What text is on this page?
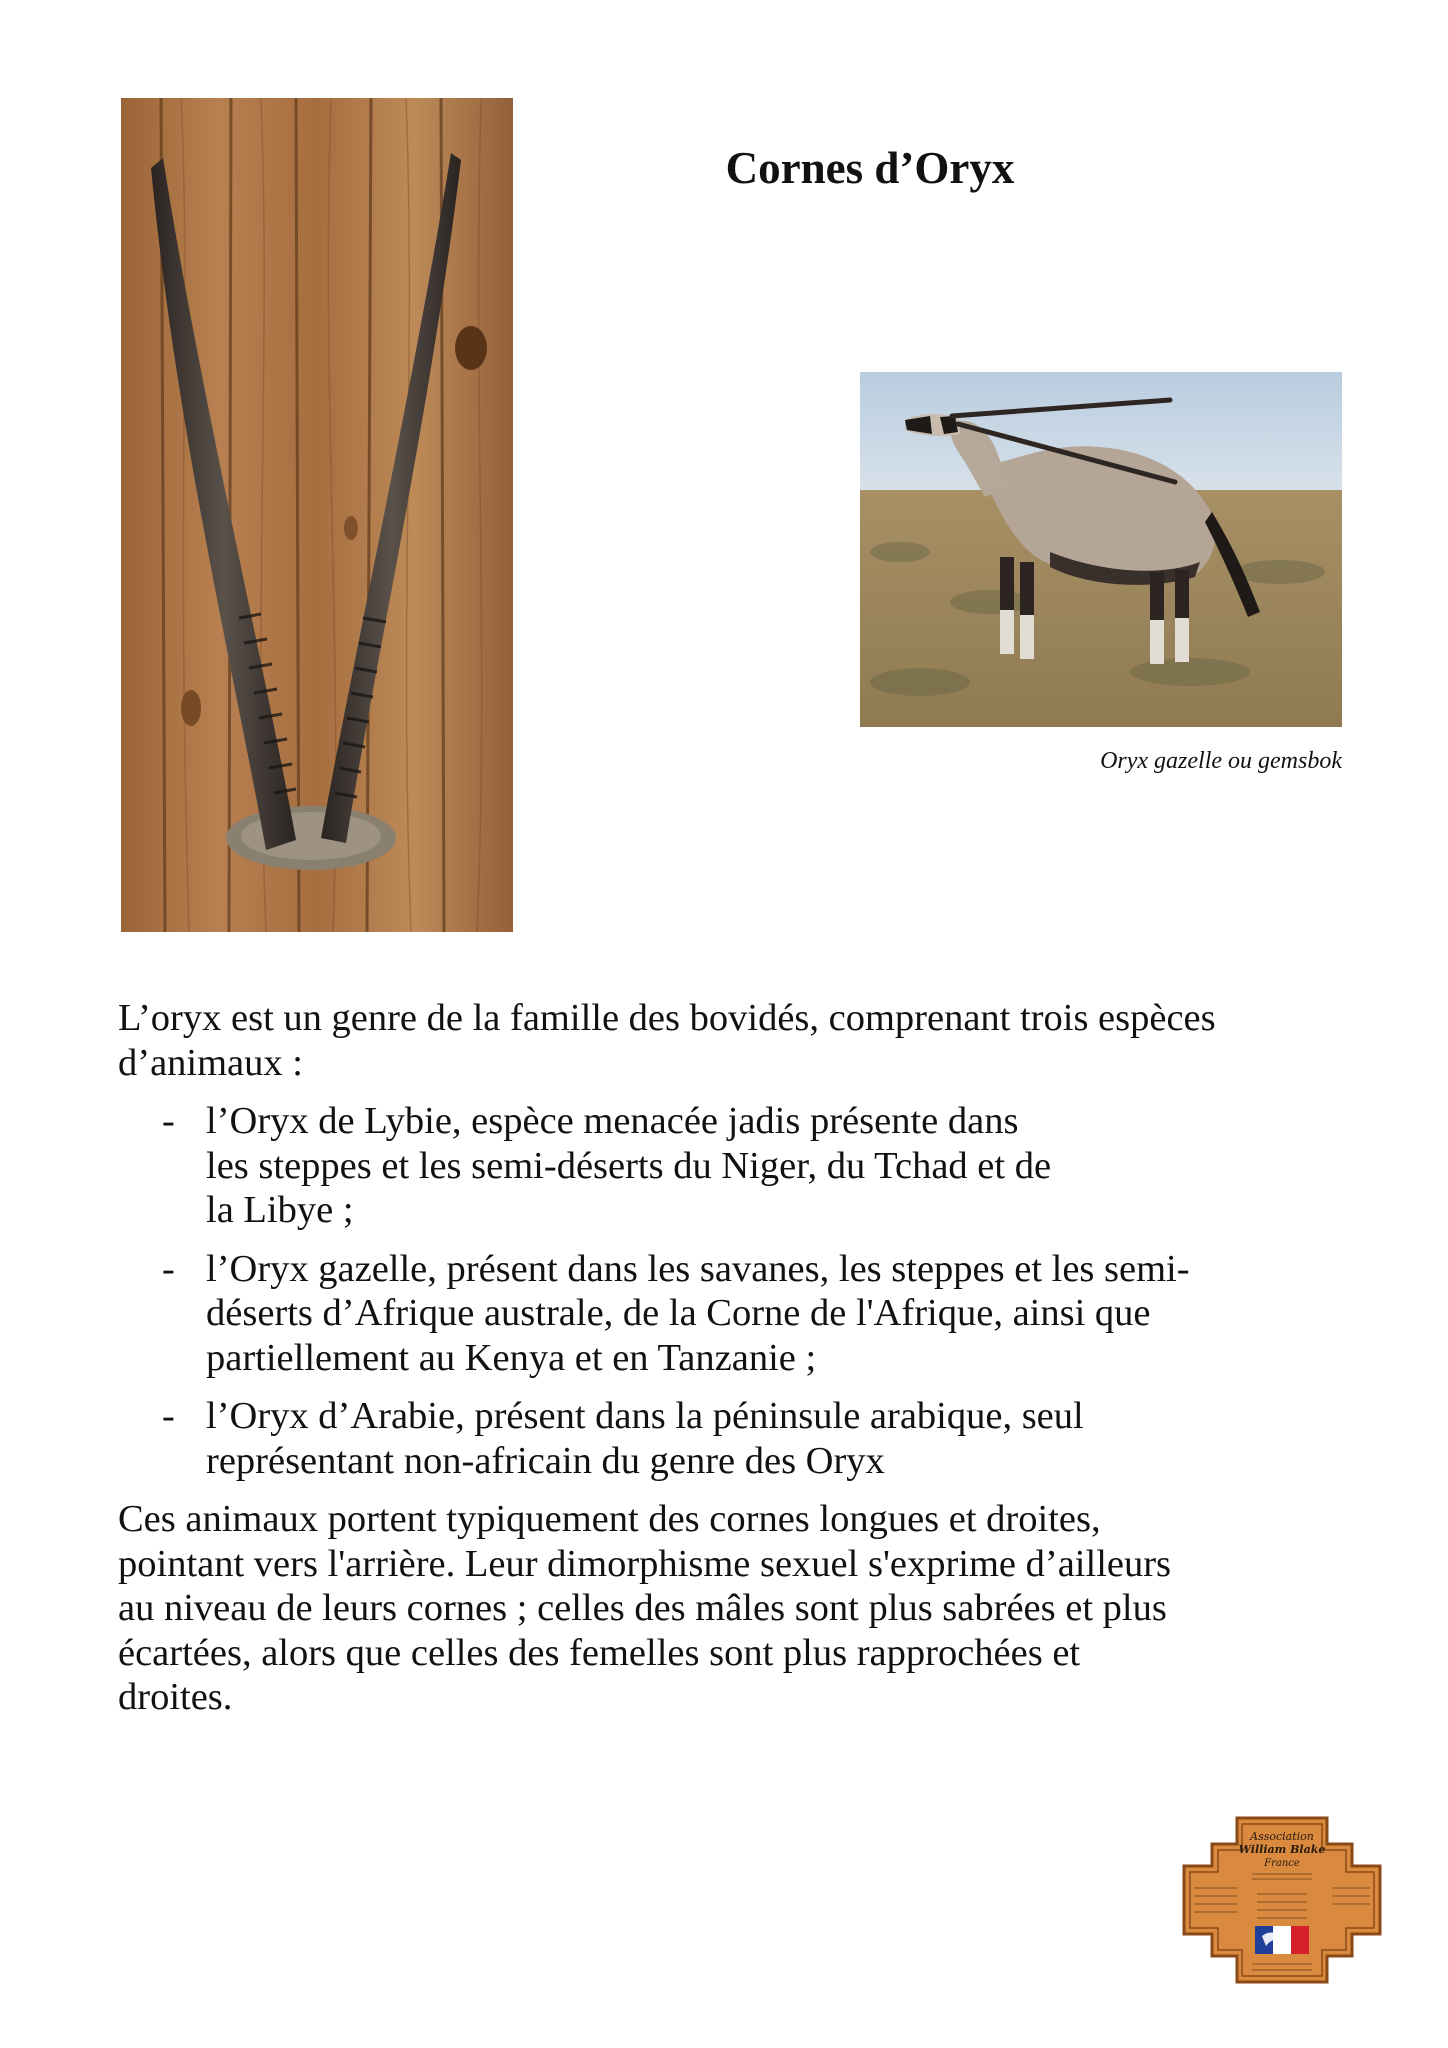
Cornes d’Oryx
Oryx gazelle ou gemsbok

L’oryx est un genre de la famille des bovidés, comprenant trois espèces d’animaux :

- l’Oryx de Lybie, espèce menacée jadis présente dans
les steppes et les semi-déserts du Niger, du Tchad et de
la Libye ;
- l’Oryx gazelle, présent dans les savanes, les steppes et les semi-
déserts d’Afrique australe, de la Corne de l'Afrique, ainsi que
partiellement au Kenya et en Tanzanie ;
- l’Oryx d’Arabie, présent dans la péninsule arabique, seul
représentant non-africain du genre des Oryx

Ces animaux portent typiquement des cornes longues et droites,
pointant vers l'arrière. Leur dimorphisme sexuel s'exprime d’ailleurs
au niveau de leurs cornes ; celles des mâles sont plus sabrées et plus
écartées, alors que celles des femelles sont plus rapprochées et
droites.

Association
William Blake
France
